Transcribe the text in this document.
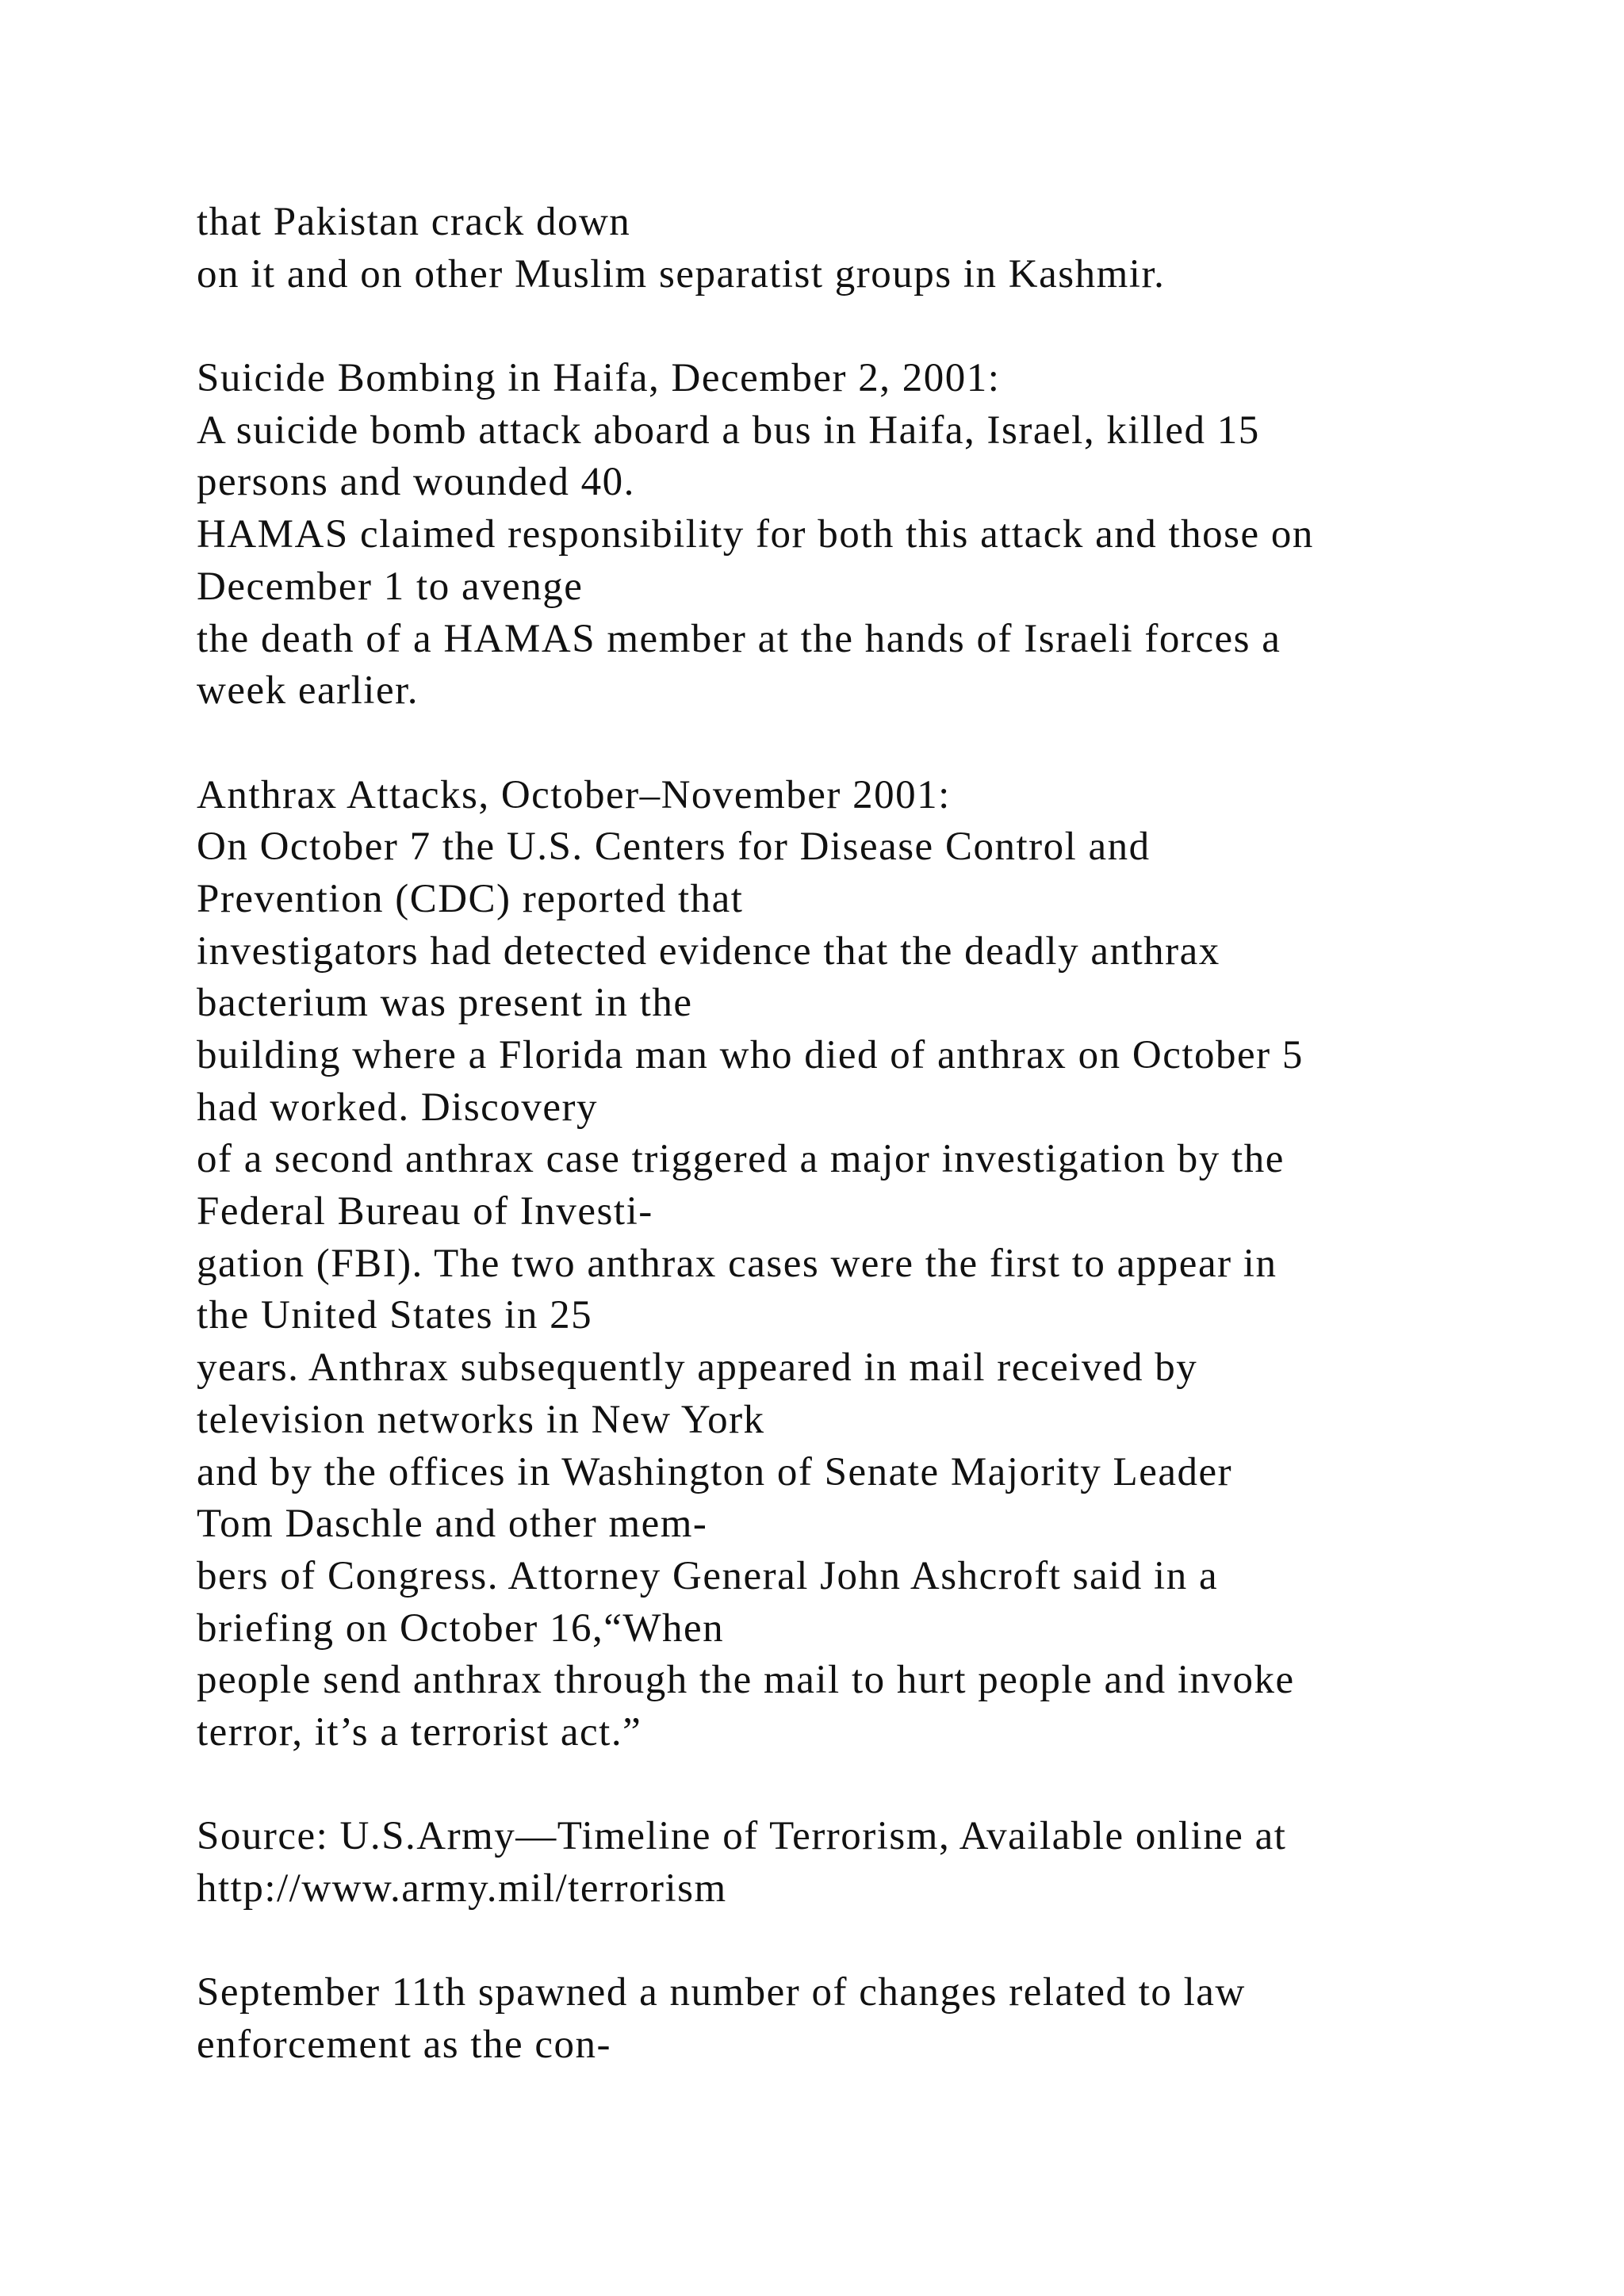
that Pakistan crack down
on it and on other Muslim separatist groups in Kashmir.
Suicide Bombing in Haifa, December 2, 2001:
A suicide bomb attack aboard a bus in Haifa, Israel, killed 15
persons and wounded 40.
HAMAS claimed responsibility for both this attack and those on
December 1 to avenge
the death of a HAMAS member at the hands of Israeli forces a
week earlier.
Anthrax Attacks, October–November 2001:
On October 7 the U.S. Centers for Disease Control and
Prevention (CDC) reported that
investigators had detected evidence that the deadly anthrax
bacterium was present in the
building where a Florida man who died of anthrax on October 5
had worked. Discovery
of a second anthrax case triggered a major investigation by the
Federal Bureau of Investi-
gation (FBI). The two anthrax cases were the first to appear in
the United States in 25
years. Anthrax subsequently appeared in mail received by
television networks in New York
and by the offices in Washington of Senate Majority Leader
Tom Daschle and other mem-
bers of Congress. Attorney General John Ashcroft said in a
briefing on October 16,“When
people send anthrax through the mail to hurt people and invoke
terror, it’s a terrorist act.”
Source: U.S.Army—Timeline of Terrorism, Available online at
http://www.army.mil/terrorism
September 11th spawned a number of changes related to law
enforcement as the con-
